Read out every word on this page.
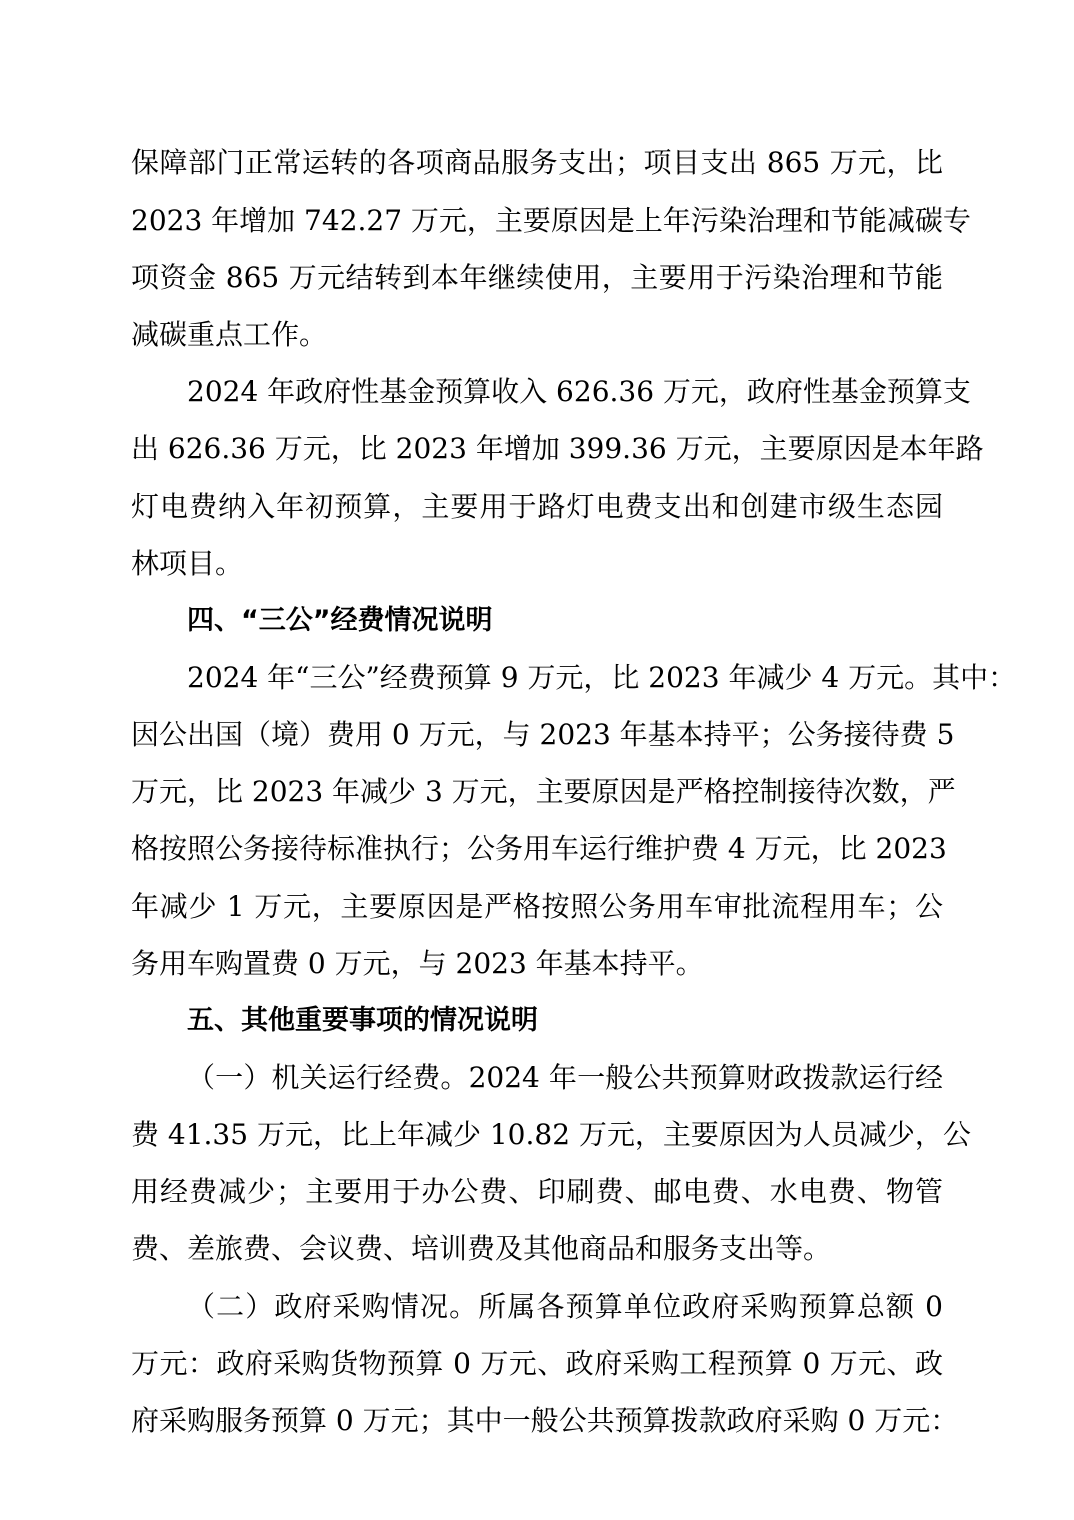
保障部门正常运转的各项商品服务支出；项目支出 865 万元，比
2023 年增加 742.27 万元，主要原因是上年污染治理和节能减碳专
项资金 865 万元结转到本年继续使用，主要用于污染治理和节能
减碳重点工作。
2024 年政府性基金预算收入 626.36 万元，政府性基金预算支
出 626.36 万元，比 2023 年增加 399.36 万元，主要原因是本年路
灯电费纳入年初预算，主要用于路灯电费支出和创建市级生态园
林项目。
四、“三公”经费情况说明
2024 年“三公”经费预算 9 万元，比 2023 年减少 4 万元。其中：
因公出国（境）费用 0 万元，与 2023 年基本持平；公务接待费 5
万元，比 2023 年减少 3 万元，主要原因是严格控制接待次数，严
格按照公务接待标准执行；公务用车运行维护费 4 万元，比 2023
年减少 1 万元，主要原因是严格按照公务用车审批流程用车；公
务用车购置费 0 万元，与 2023 年基本持平。
五、其他重要事项的情况说明
（一）机关运行经费。2024 年一般公共预算财政拨款运行经
费 41.35 万元，比上年减少 10.82 万元，主要原因为人员减少，公
用经费减少；主要用于办公费、印刷费、邮电费、水电费、物管
费、差旅费、会议费、培训费及其他商品和服务支出等。
（二）政府采购情况。所属各预算单位政府采购预算总额 0
万元：政府采购货物预算 0 万元、政府采购工程预算 0 万元、政
府采购服务预算 0 万元；其中一般公共预算拨款政府采购 0 万元：
